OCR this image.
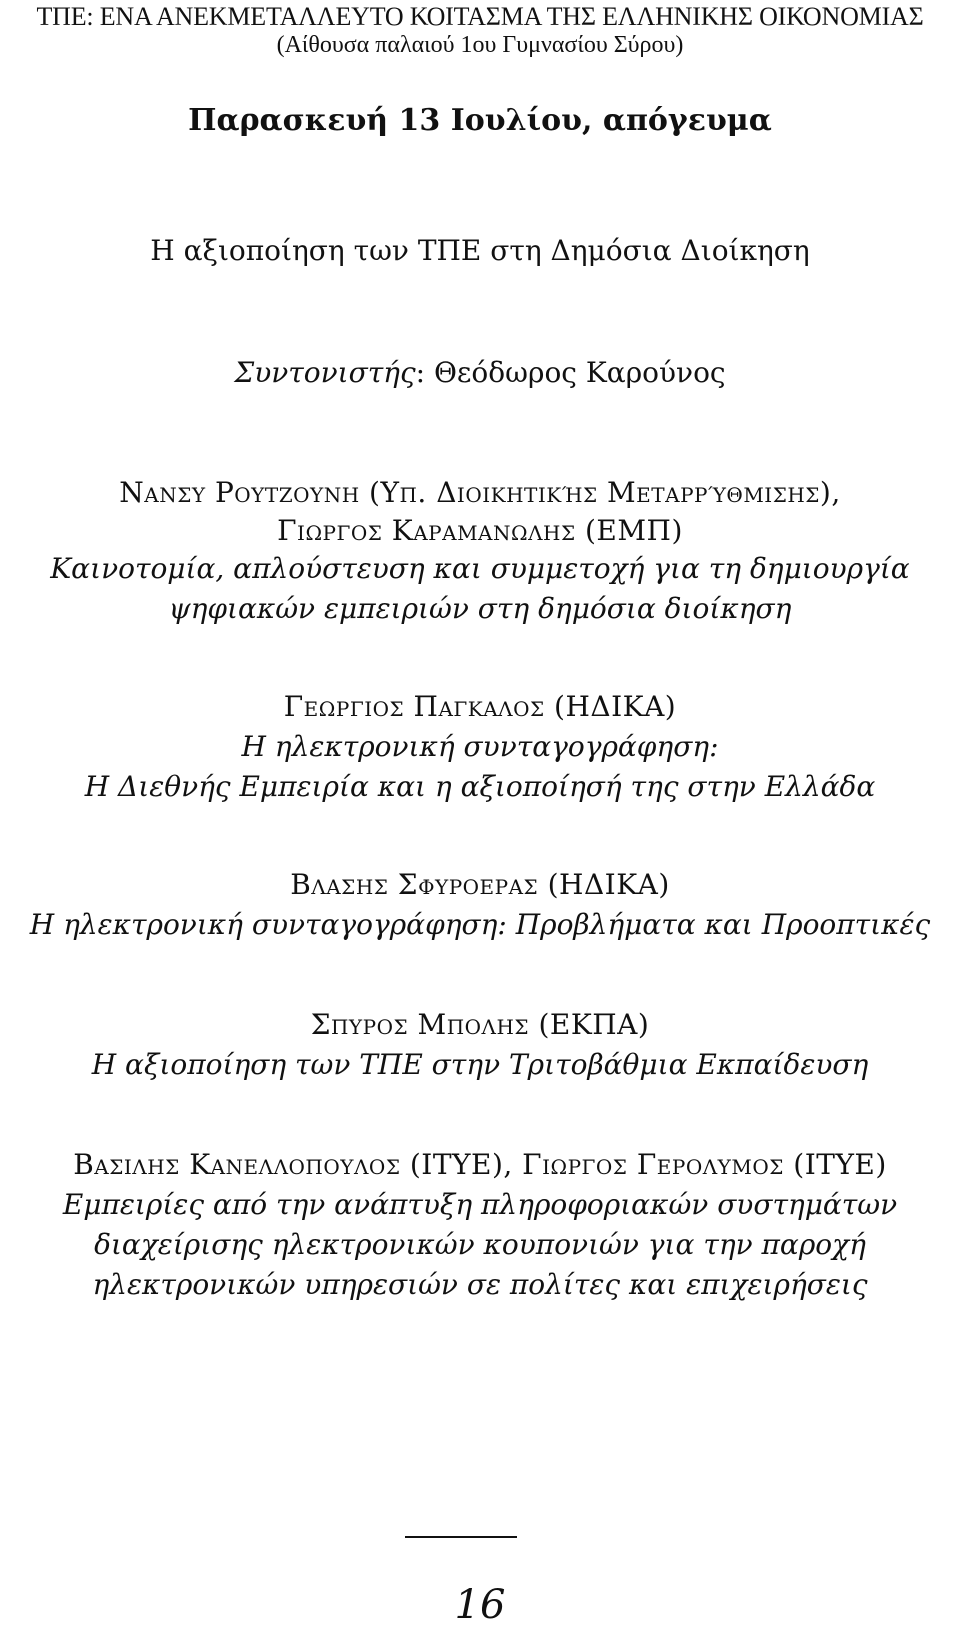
ΤΠΕ: ΕΝΑ ΑΝΕΚΜΕΤΑΛΛΕΥΤΟ ΚΟΙΤΑΣΜΑ ΤΗΣ ΕΛΛΗΝΙΚΗΣ ΟΙΚΟΝΟΜΙΑΣ
(Αίθουσα παλαιού 1ου Γυμνασίου Σύρου)
Παρασκευή 13 Ιουλίου, απόγευμα
Η αξιοποίηση των ΤΠΕ στη Δημόσια Διοίκηση
Συντονιστής: Θεόδωρος Καρούνος
Νανσυ Ρουτζουνη (Υπ. Διοικητικής Μεταρρύθμισης),
Γιωργος Καραμανωλης (ΕΜΠ)
Καινοτομία, απλούστευση και συμμετοχή για τη δημιουργία
ψηφιακών εμπειριών στη δημόσια διοίκηση
Γεωργιος Παγκαλος (ΗΔΙΚΑ)
Η ηλεκτρονική συνταγογράφηση:
Η Διεθνής Εμπειρία και η αξιοποίησή της στην Ελλάδα
Βλασης Σφυροερας (ΗΔΙΚΑ)
Η ηλεκτρονική συνταγογράφηση: Προβλήματα και Προοπτικές
Σπυρος Μπολης (ΕΚΠΑ)
Η αξιοποίηση των ΤΠΕ στην Τριτοβάθμια Εκπαίδευση
Βασιλης Κανελλοπουλος (ΙΤΥΕ), Γιωργος Γερολυμος (ΙΤΥΕ)
Εμπειρίες από την ανάπτυξη πληροφοριακών συστημάτων
διαχείρισης ηλεκτρονικών κουπονιών για την παροχή
ηλεκτρονικών υπηρεσιών σε πολίτες και επιχειρήσεις
16
